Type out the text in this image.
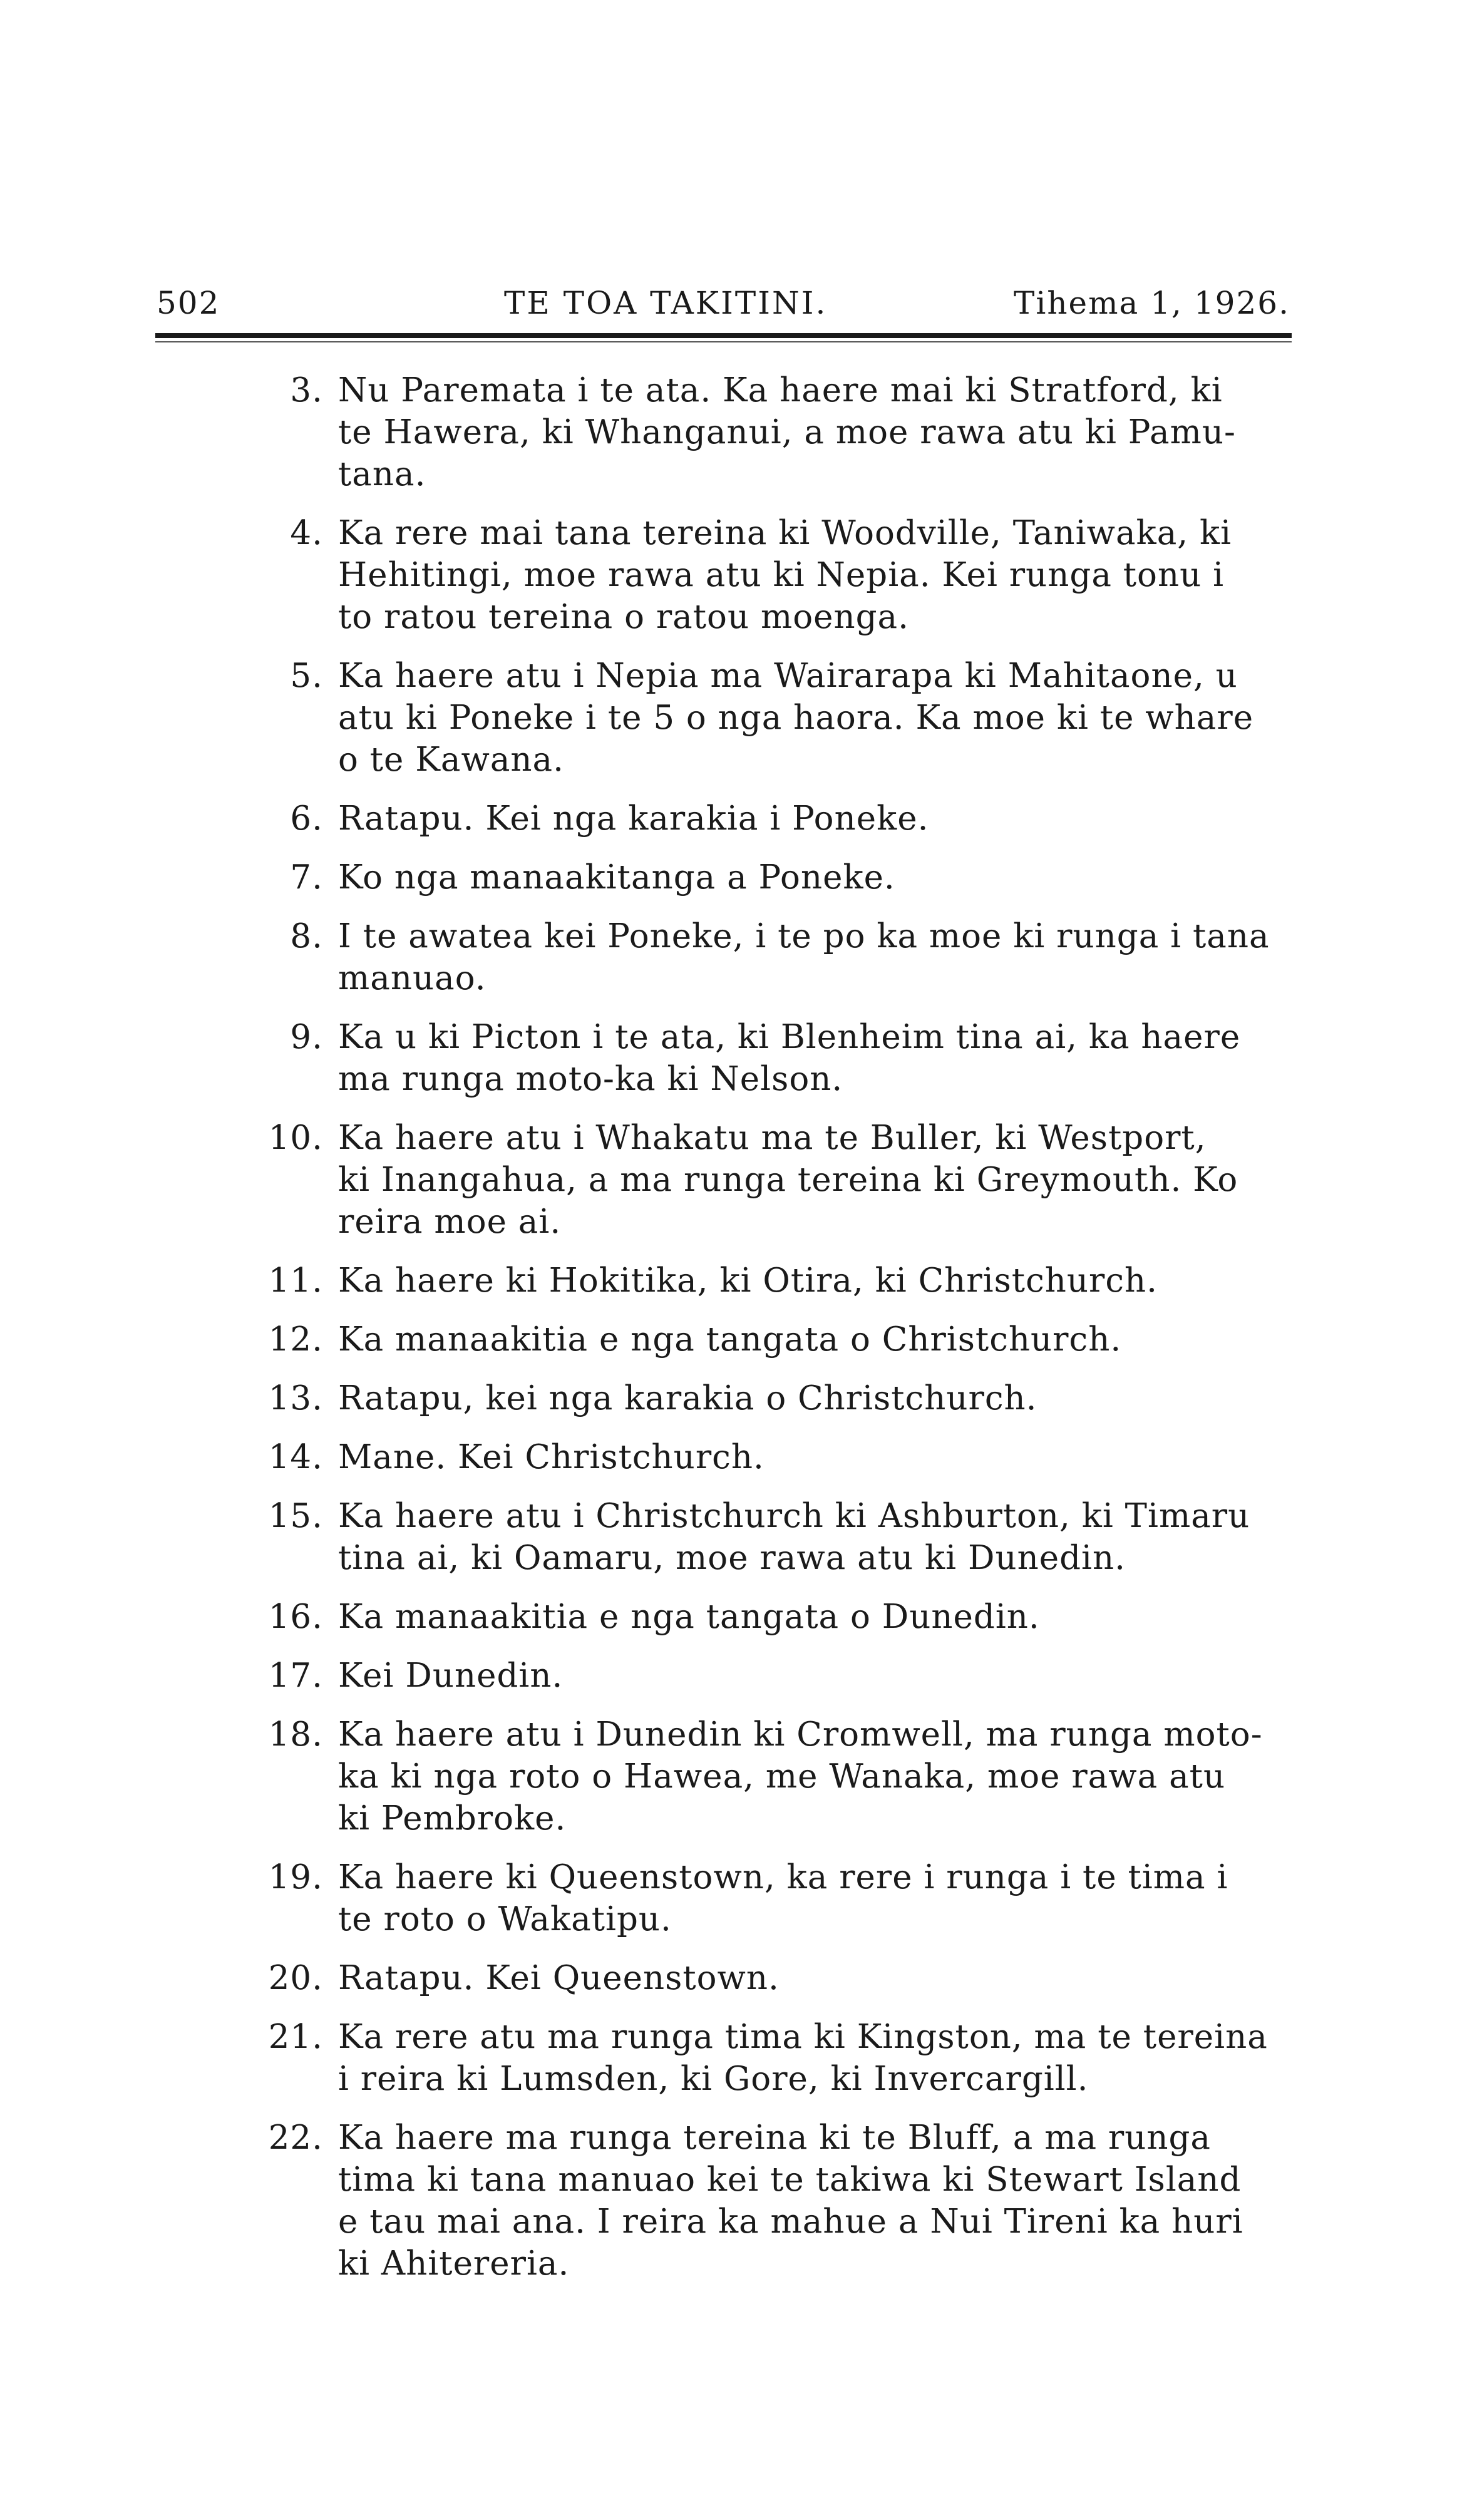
502	TE TOA TAKITINI.	Tihema 1, 1926.
3. Nu Paremata i te ata. Ka haere mai ki Stratford, ki
te Hawera, ki Whanganui, a moe rawa atu ki Pamu-
tana.
4. Ka rere mai tana tereina ki Woodville, Taniwaka, ki
Hehitingi, moe rawa atu ki Nepia. Kei runga tonu i
to ratou tereina o ratou moenga.
5. Ka haere atu i Nepia ma Wairarapa ki Mahitaone, u
atu ki Poneke i te 5 o nga haora. Ka moe ki te whare
o te Kawana.
6. Ratapu. Kei nga karakia i Poneke.
7. Ko nga manaakitanga a Poneke.
8. I te awatea kei Poneke, i te po ka moe ki runga i tana
manuao.
9. Ka u ki Picton i te ata, ki Blenheim tina ai, ka haere
ma runga moto-ka ki Nelson.
10. Ka haere atu i Whakatu ma te Buller, ki Westport,
ki Inangahua, a ma runga tereina ki Greymouth. Ko
reira moe ai.
11. Ka haere ki Hokitika, ki Otira, ki Christchurch.
12. Ka manaakitia e nga tangata o Christchurch.
13. Ratapu, kei nga karakia o Christchurch.
14. Mane. Kei Christchurch.
15. Ka haere atu i Christchurch ki Ashburton, ki Timaru
tina ai, ki Oamaru, moe rawa atu ki Dunedin.
16. Ka manaakitia e nga tangata o Dunedin.
17. Kei Dunedin.
18. Ka haere atu i Dunedin ki Cromwell, ma runga moto-
ka ki nga roto o Hawea, me Wanaka, moe rawa atu
ki Pembroke.
19. Ka haere ki Queenstown, ka rere i runga i te tima i
te roto o Wakatipu.
20. Ratapu. Kei Queenstown.
21. Ka rere atu ma runga tima ki Kingston, ma te tereina
i reira ki Lumsden, ki Gore, ki Invercargill.
22. Ka haere ma runga tereina ki te Bluff, a ma runga
tima ki tana manuao kei te takiwa ki Stewart Island
e tau mai ana. I reira ka mahue a Nui Tireni ka huri
ki Ahitereria.
